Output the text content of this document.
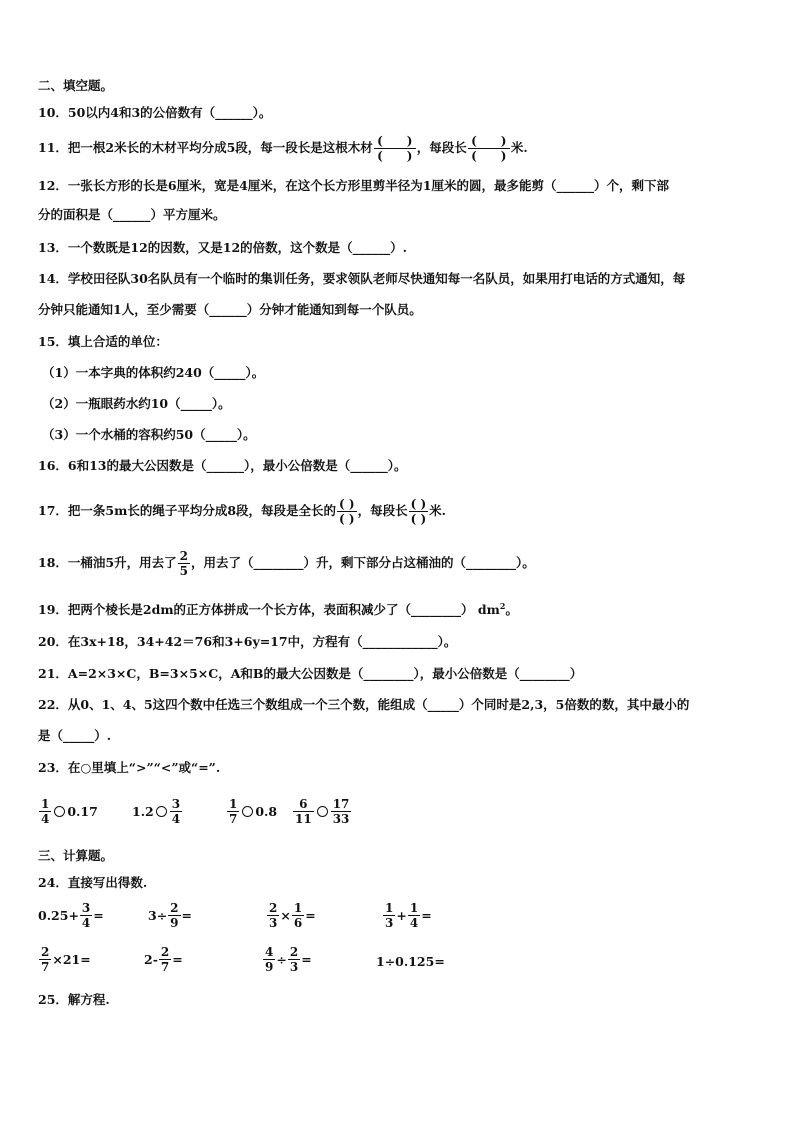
二、填空题。
10．50以内4和3的公倍数有（______）。
11．把一根2米长的木材平均分成5段，每一段长是这根木材 $\frac{( )}{( )}$ ，每段长 $\frac{( )}{( )}$ 米.
12．一张长方形的长是6厘米，宽是4厘米，在这个长方形里剪半径为1厘米的圆，最多能剪（______）个，剩下部
分的面积是（______）平方厘米。
13．一个数既是12的因数，又是12的倍数，这个数是（______）.
14．学校田径队30名队员有一个临时的集训任务，要求领队老师尽快通知每一名队员，如果用打电话的方式通知，每
分钟只能通知1人，至少需要（______）分钟才能通知到每一个队员。
15．填上合适的单位：
（1）一本字典的体积约240（_____）。
（2）一瓶眼药水约10（_____）。
（3）一个水桶的容积约50（_____）。
16．6和13的最大公因数是（______），最小公倍数是（______）。
17．把一条5m长的绳子平均分成8段，每段是全长的 $\frac{( )}{( )}$ ，每段长 $\frac{( )}{( )}$ 米.
18．一桶油5升，用去了 $\frac{2}{5}$ ，用去了（________）升，剩下部分占这桶油的（________）。
19．把两个棱长是2dm的正方体拼成一个长方体，表面积减少了（________） $dm^2$。
20．在3x+18，34+42＝76和3+6y=17中，方程有（____________）。
21．A=2×3×C，B=3×5×C，A和B的最大公因数是（________），最小公倍数是（________）
22．从0、1、4、5这四个数中任选三个数组成一个三个数，能组成（_____）个同时是2,3，5倍数的数，其中最小的
是（_____）.
23．在○里填上“>”“<”或“=”.
$\frac{1}{4} 0.17$	$1.2 \frac{3}{4}$	$\frac{1}{7} 0.8 \frac{6}{11} \frac{17}{33}$
三、计算题。
24．直接写出得数.
$0.25+ \frac{3}{4}$ =	$3\div \frac{2}{9}$ =	$\frac{2}{3} \times \frac{1}{6}$ =	$\frac{1}{3} + \frac{1}{4}$ =
$\frac{2}{7} \times 21=$	$2- \frac{2}{7}$ =	$\frac{4}{9} \div \frac{2}{3}$ =	1÷0.125=
25．解方程.
